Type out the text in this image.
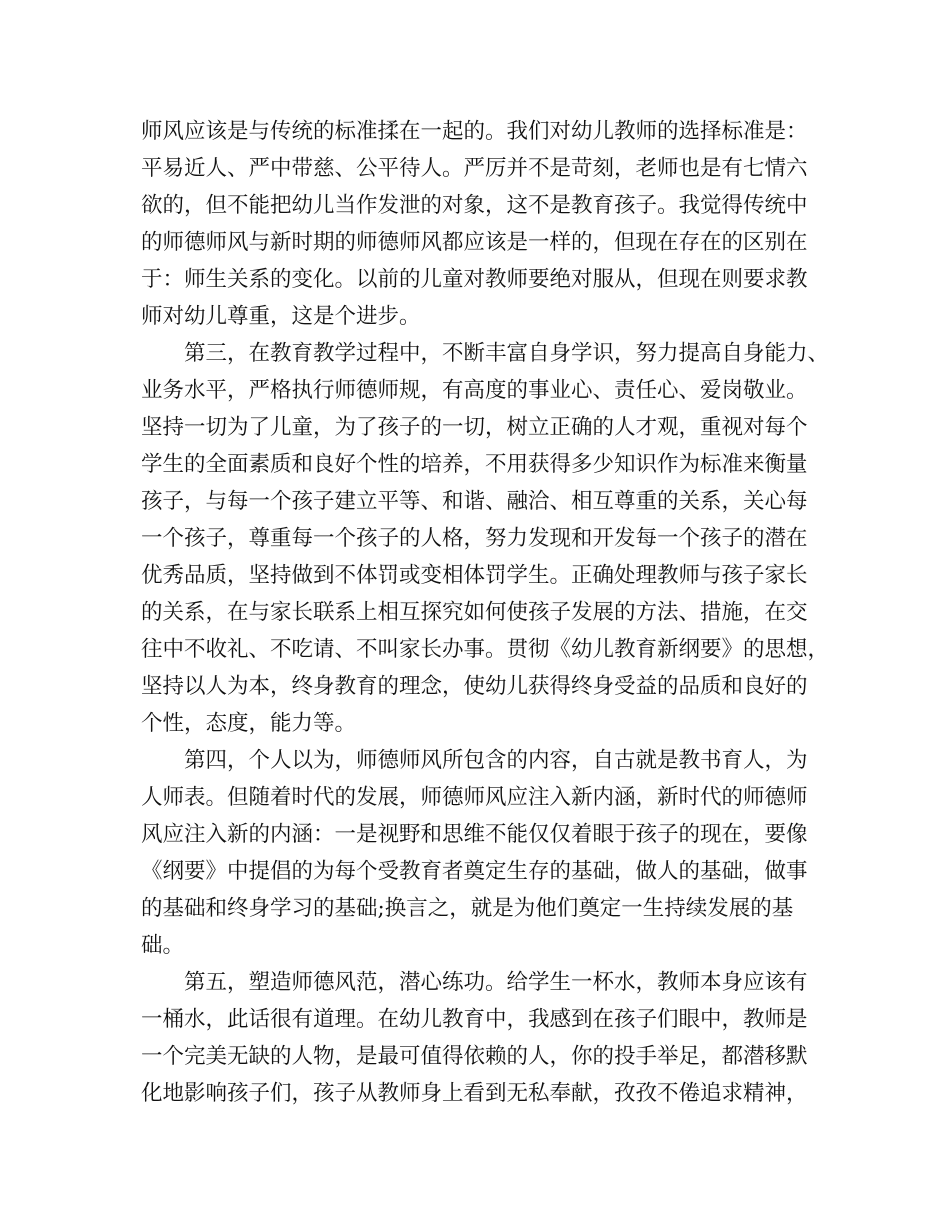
师风应该是与传统的标准揉在一起的。我们对幼儿教师的选择标准是：
平易近人、严中带慈、公平待人。严厉并不是苛刻，老师也是有七情六
欲的，但不能把幼儿当作发泄的对象，这不是教育孩子。我觉得传统中
的师德师风与新时期的师德师风都应该是一样的，但现在存在的区别在
于：师生关系的变化。以前的儿童对教师要绝对服从，但现在则要求教
师对幼儿尊重，这是个进步。
　　第三，在教育教学过程中，不断丰富自身学识，努力提高自身能力、
业务水平，严格执行师德师规，有高度的事业心、责任心、爱岗敬业。
坚持一切为了儿童，为了孩子的一切，树立正确的人才观，重视对每个
学生的全面素质和良好个性的培养，不用获得多少知识作为标准来衡量
孩子，与每一个孩子建立平等、和谐、融洽、相互尊重的关系，关心每
一个孩子，尊重每一个孩子的人格，努力发现和开发每一个孩子的潜在
优秀品质，坚持做到不体罚或变相体罚学生。正确处理教师与孩子家长
的关系，在与家长联系上相互探究如何使孩子发展的方法、措施，在交
往中不收礼、不吃请、不叫家长办事。贯彻《幼儿教育新纲要》的思想，
坚持以人为本，终身教育的理念，使幼儿获得终身受益的品质和良好的
个性，态度，能力等。
　　第四，个人以为，师德师风所包含的内容，自古就是教书育人，为
人师表。但随着时代的发展，师德师风应注入新内涵，新时代的师德师
风应注入新的内涵：一是视野和思维不能仅仅着眼于孩子的现在，要像
《纲要》中提倡的为每个受教育者奠定生存的基础，做人的基础，做事
的基础和终身学习的基础;换言之，就是为他们奠定一生持续发展的基
础。
　　第五，塑造师德风范，潜心练功。给学生一杯水，教师本身应该有
一桶水，此话很有道理。在幼儿教育中，我感到在孩子们眼中，教师是
一个完美无缺的人物，是最可值得依赖的人，你的投手举足，都潜移默
化地影响孩子们，孩子从教师身上看到无私奉献，孜孜不倦追求精神，
